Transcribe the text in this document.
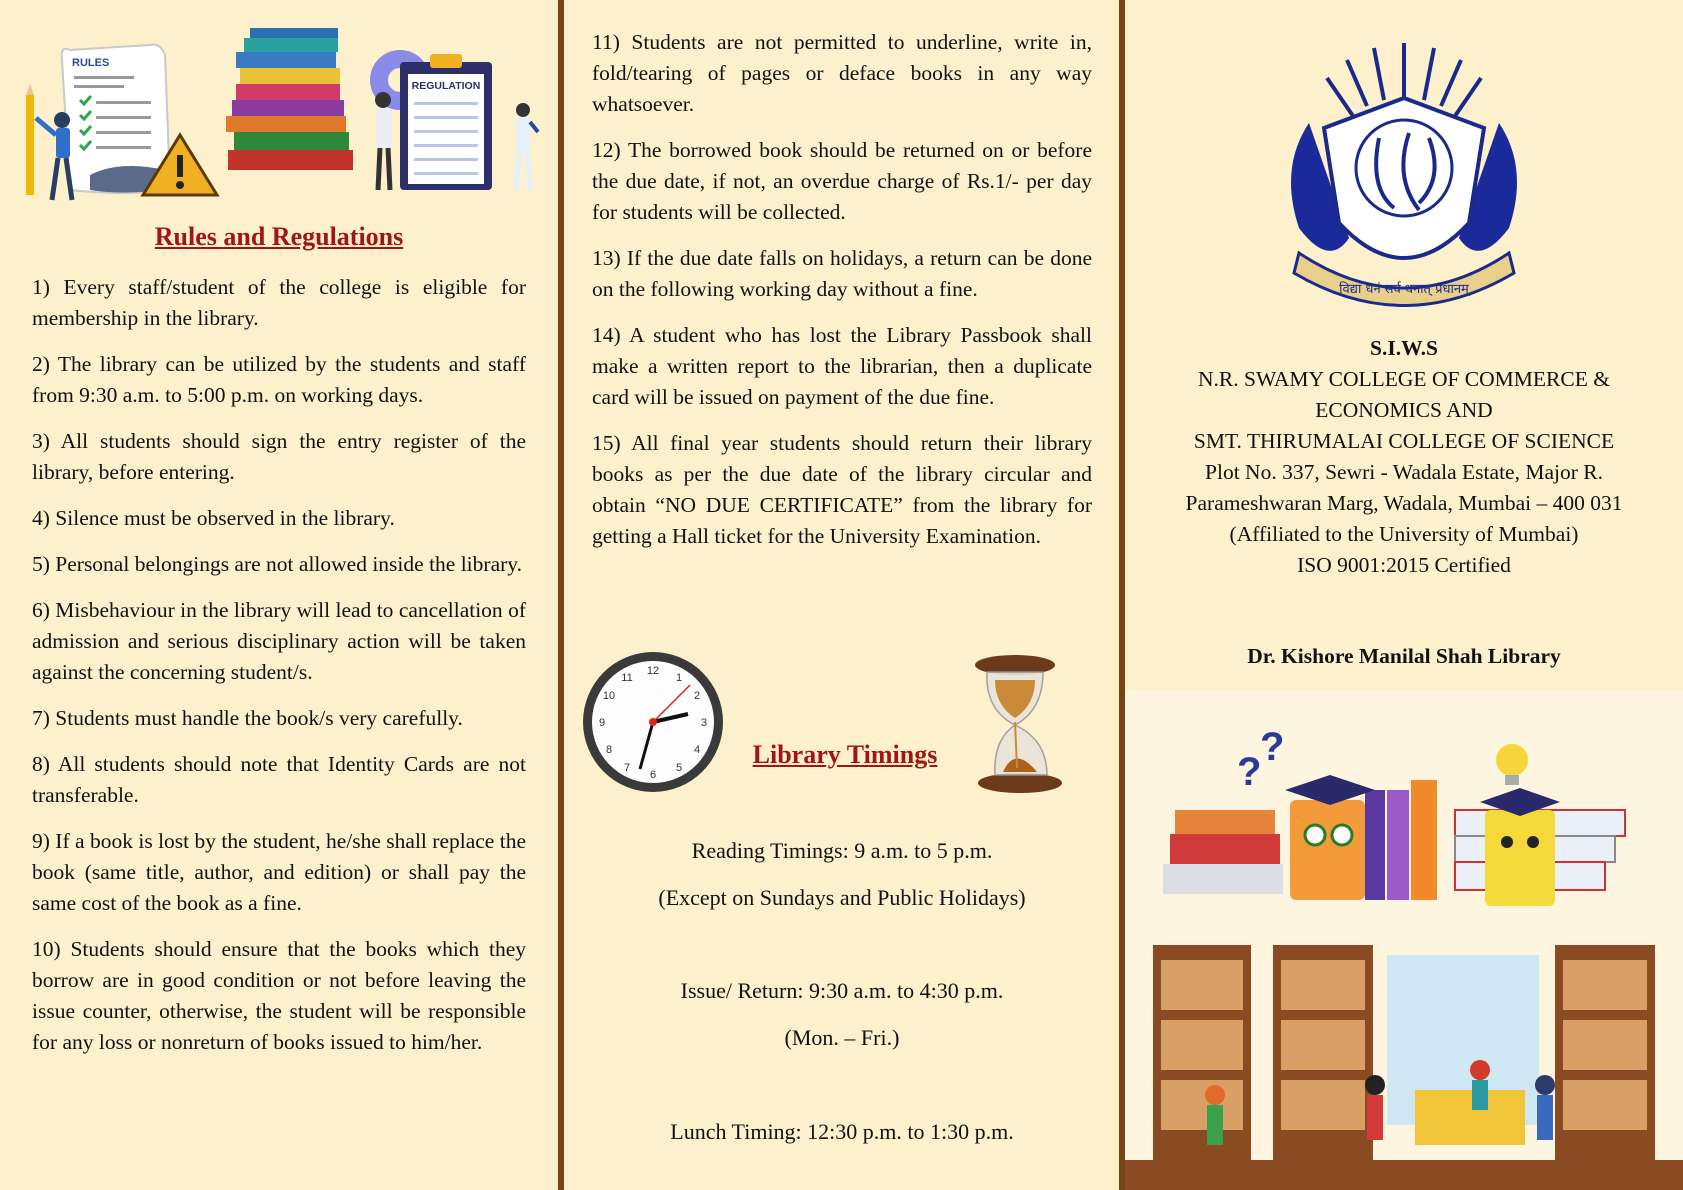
RULES
REGULATION
Rules and Regulations

1) Every staff/student of the college is eligible for membership in the library.

2) The library can be utilized by the students and staff from 9:30 a.m. to 5:00 p.m. on working days.

3) All students should sign the entry register of the library, before entering.

4) Silence must be observed in the library.

5) Personal belongings are not allowed inside the library.

6) Misbehaviour in the library will lead to cancellation of admission and serious disciplinary action will be taken against the concerning student/s.

7) Students must handle the book/s very carefully.

8) All students should note that Identity Cards are not transferable.

9) If a book is lost by the student, he/she shall replace the book (same title, author, and edition) or shall pay the same cost of the book as a fine.

10) Students should ensure that the books which they borrow are in good condition or not before leaving the issue counter, otherwise, the student will be responsible for any loss or nonreturn of books issued to him/her.

11) Students are not permitted to underline, write in, fold/tearing of pages or deface books in any way whatsoever.

12) The borrowed book should be returned on or before the due date, if not, an overdue charge of Rs.1/- per day for students will be collected.

13) If the due date falls on holidays, a return can be done on the following working day without a fine.

14) A student who has lost the Library Passbook shall make a written report to the librarian, then a duplicate card will be issued on payment of the due fine.

15) All final year students should return their library books as per the due date of the library circular and obtain “NO DUE CERTIFICATE” from the library for getting a Hall ticket for the University Examination.

12
1
2
3
4
5
6
7
8
9
10
11
Library Timings
Reading Timings: 9 a.m. to 5 p.m.
(Except on Sundays and Public Holidays)
Issue/ Return: 9:30 a.m. to 4:30 p.m.
(Mon. – Fri.)
Lunch Timing: 12:30 p.m. to 1:30 p.m.
विद्या धनं सर्व धनात् प्रधानम्
S.I.W.S
N.R. SWAMY COLLEGE OF COMMERCE &
ECONOMICS AND
SMT. THIRUMALAI COLLEGE OF SCIENCE
Plot No. 337, Sewri - Wadala Estate, Major R.
Parameshwaran Marg, Wadala, Mumbai – 400 031
(Affiliated to the University of Mumbai)
ISO 9001:2015 Certified
Dr. Kishore Manilal Shah Library
?
?
